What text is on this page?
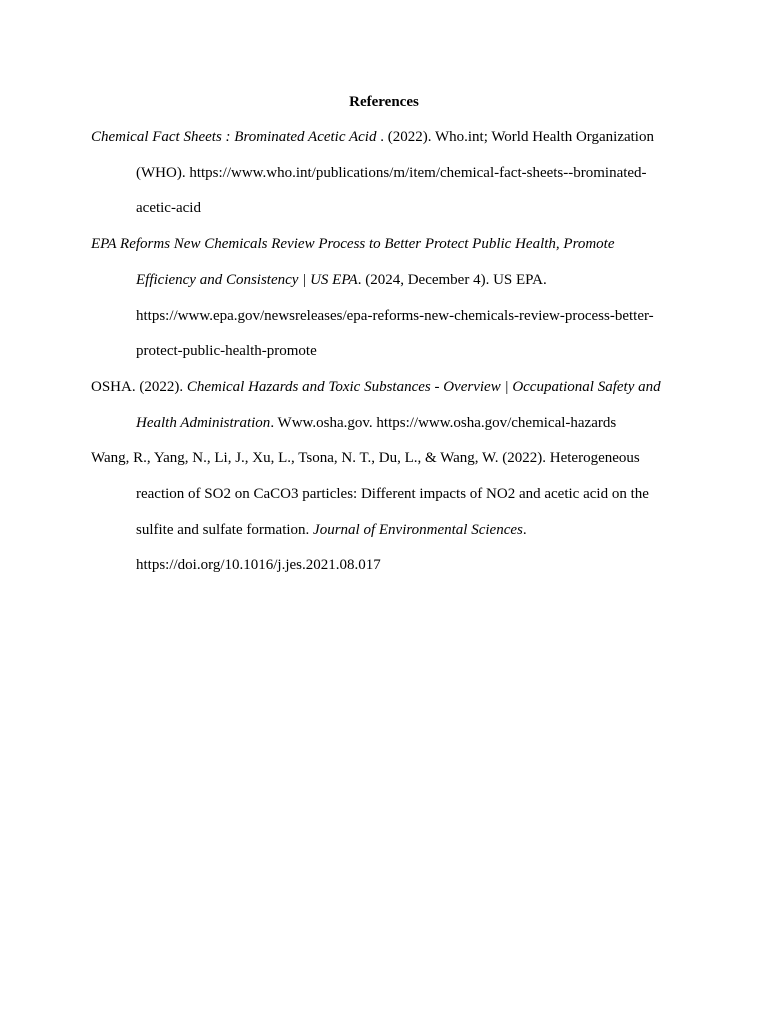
References
Chemical Fact Sheets : Brominated Acetic Acid . (2022). Who.int; World Health Organization
(WHO). https://www.who.int/publications/m/item/chemical-fact-sheets--brominated-
acetic-acid
EPA Reforms New Chemicals Review Process to Better Protect Public Health, Promote
Efficiency and Consistency | US EPA. (2024, December 4). US EPA.
https://www.epa.gov/newsreleases/epa-reforms-new-chemicals-review-process-better-
protect-public-health-promote
OSHA. (2022). Chemical Hazards and Toxic Substances - Overview | Occupational Safety and
Health Administration. Www.osha.gov. https://www.osha.gov/chemical-hazards
Wang, R., Yang, N., Li, J., Xu, L., Tsona, N. T., Du, L., & Wang, W. (2022). Heterogeneous
reaction of SO2 on CaCO3 particles: Different impacts of NO2 and acetic acid on the
sulfite and sulfate formation. Journal of Environmental Sciences.
https://doi.org/10.1016/j.jes.2021.08.017
